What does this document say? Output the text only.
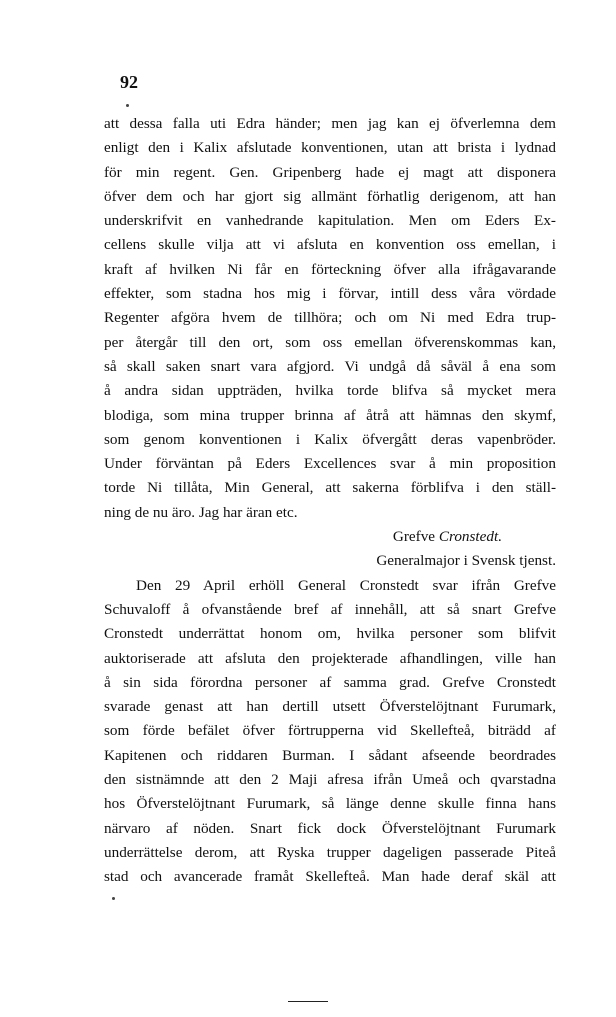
92
att dessa falla uti Edra händer; men jag kan ej öfverlemna dem
enligt den i Kalix afslutade konventionen, utan att brista i lydnad
för min regent. Gen. Gripenberg hade ej magt att disponera
öfver dem och har gjort sig allmänt förhatlig derigenom, att han
underskrifvit en vanhedrande kapitulation. Men om Eders Ex-
cellens skulle vilja att vi afsluta en konvention oss emellan, i
kraft af hvilken Ni får en förteckning öfver alla ifrågavarande
effekter, som stadna hos mig i förvar, intill dess våra vördade
Regenter afgöra hvem de tillhöra; och om Ni med Edra trup-
per återgår till den ort, som oss emellan öfverenskommas kan,
så skall saken snart vara afgjord. Vi undgå då såväl å ena som
å andra sidan uppträden, hvilka torde blifva så mycket mera
blodiga, som mina trupper brinna af åtrå att hämnas den skymf,
som genom konventionen i Kalix öfvergått deras vapenbröder.
Under förväntan på Eders Excellences svar å min proposition
torde Ni tillåta, Min General, att sakerna förblifva i den ställ-
ning de nu äro. Jag har äran etc.
Grefve Cronstedt.
Generalmajor i Svensk tjenst.
Den 29 April erhöll General Cronstedt svar ifrån Grefve
Schuvaloff å ofvanstående bref af innehåll, att så snart Grefve
Cronstedt underrättat honom om, hvilka personer som blifvit
auktoriserade att afsluta den projekterade afhandlingen, ville han
å sin sida förordna personer af samma grad. Grefve Cronstedt
svarade genast att han dertill utsett Öfverstelöjtnant Furumark,
som förde befälet öfver förtrupperna vid Skellefteå, biträdd af
Kapitenen och riddaren Burman. I sådant afseende beordrades
den sistnämnde att den 2 Maji afresa ifrån Umeå och qvarstadna
hos Öfverstelöjtnant Furumark, så länge denne skulle finna hans
närvaro af nöden. Snart fick dock Öfverstelöjtnant Furumark
underrättelse derom, att Ryska trupper dageligen passerade Piteå
stad och avancerade framåt Skellefteå. Man hade deraf skäl att
